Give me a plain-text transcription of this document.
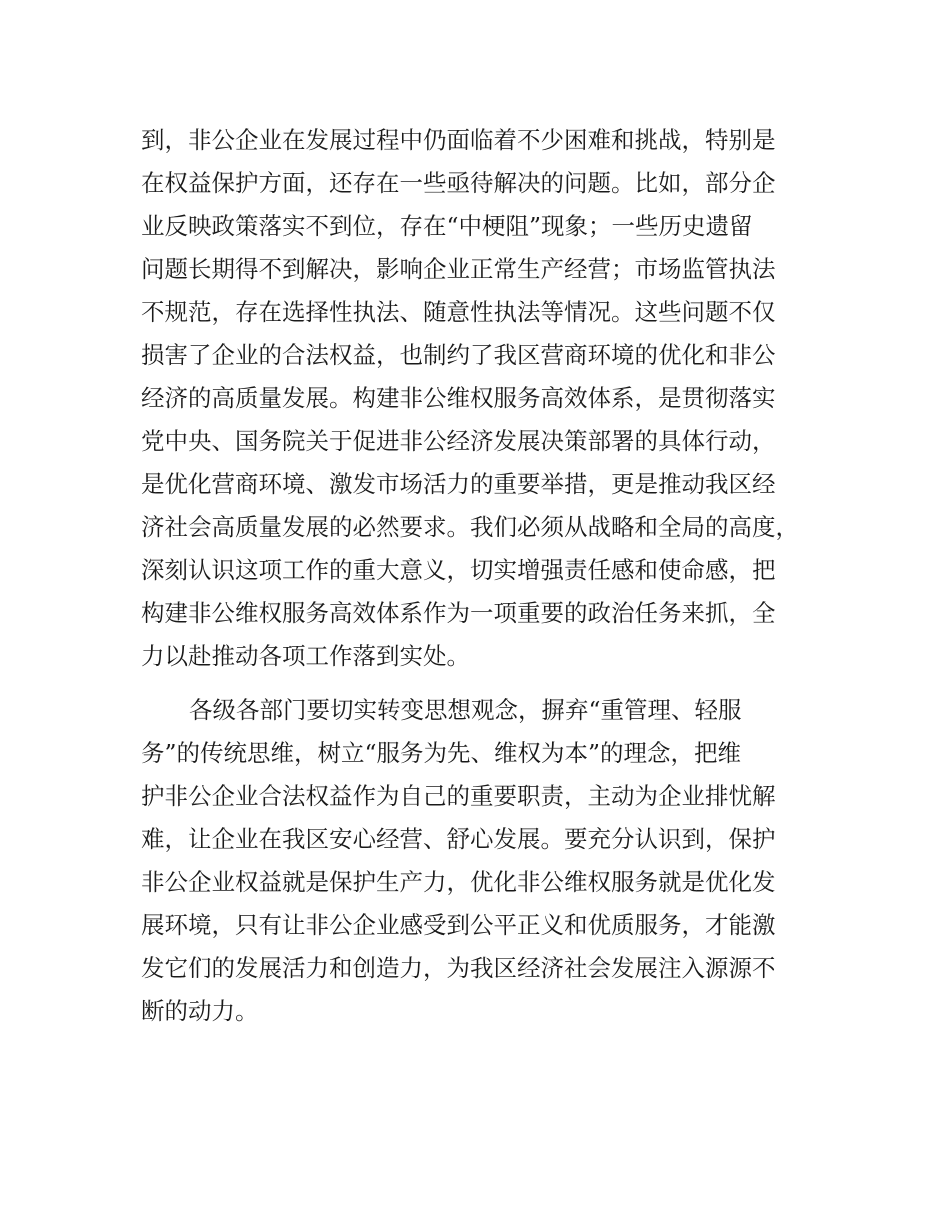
到，非公企业在发展过程中仍面临着不少困难和挑战，特别是
在权益保护方面，还存在一些亟待解决的问题。比如，部分企
业反映政策落实不到位，存在“中梗阻”现象；一些历史遗留
问题长期得不到解决，影响企业正常生产经营；市场监管执法
不规范，存在选择性执法、随意性执法等情况。这些问题不仅
损害了企业的合法权益，也制约了我区营商环境的优化和非公
经济的高质量发展。构建非公维权服务高效体系，是贯彻落实
党中央、国务院关于促进非公经济发展决策部署的具体行动，
是优化营商环境、激发市场活力的重要举措，更是推动我区经
济社会高质量发展的必然要求。我们必须从战略和全局的高度，
深刻认识这项工作的重大意义，切实增强责任感和使命感，把
构建非公维权服务高效体系作为一项重要的政治任务来抓，全
力以赴推动各项工作落到实处。
各级各部门要切实转变思想观念，摒弃“重管理、轻服
务”的传统思维，树立“服务为先、维权为本”的理念，把维
护非公企业合法权益作为自己的重要职责，主动为企业排忧解
难，让企业在我区安心经营、舒心发展。要充分认识到，保护
非公企业权益就是保护生产力，优化非公维权服务就是优化发
展环境，只有让非公企业感受到公平正义和优质服务，才能激
发它们的发展活力和创造力，为我区经济社会发展注入源源不
断的动力。
